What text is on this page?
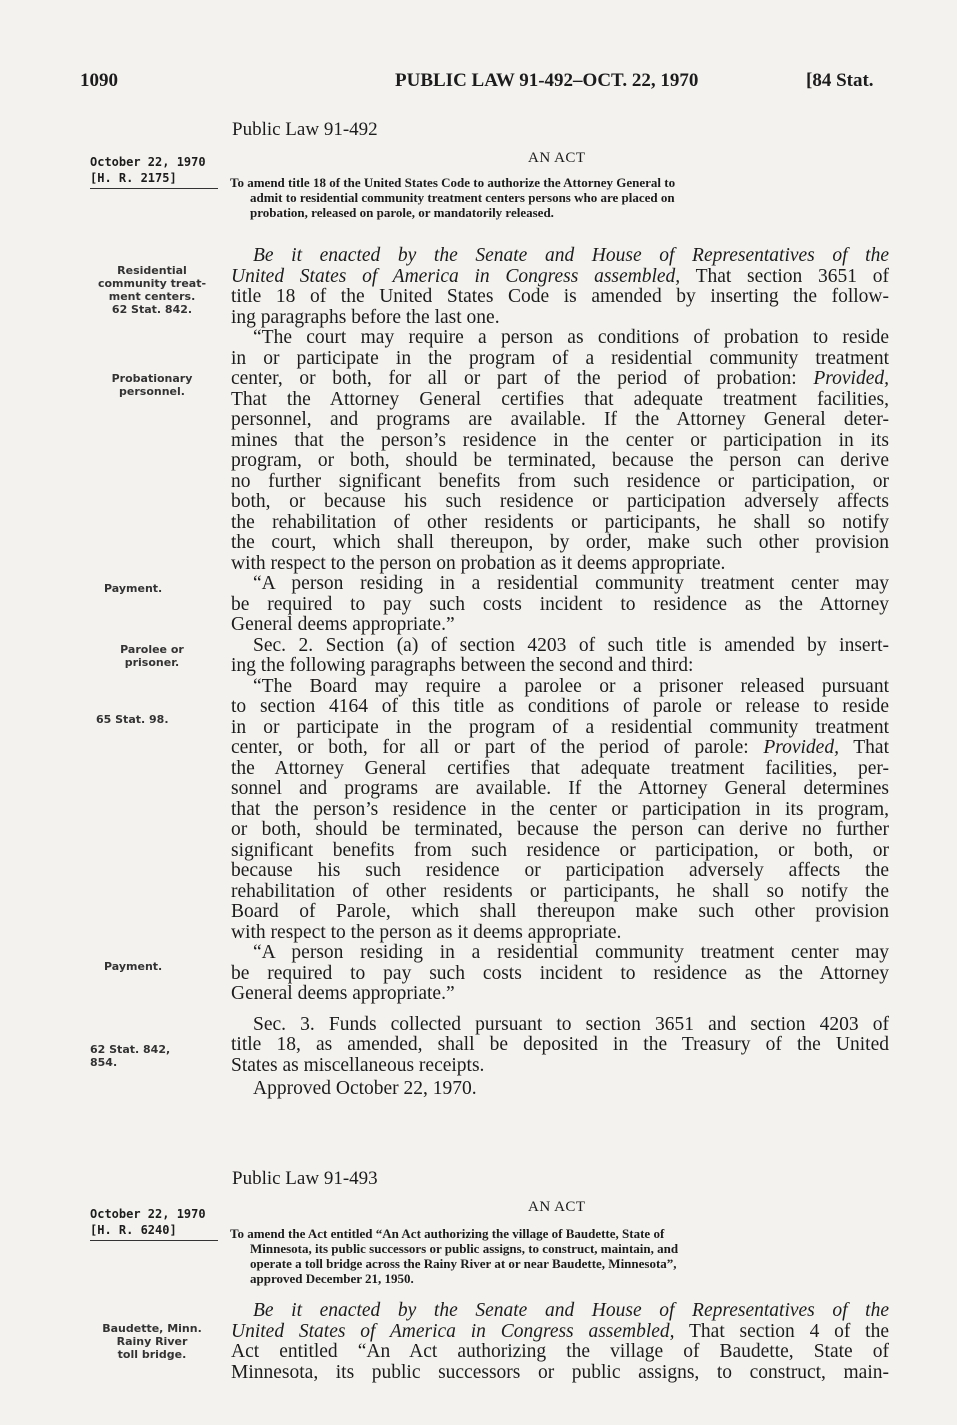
1090	PUBLIC LAW 91-492–OCT. 22, 1970	[84 Stat.
Public Law 91-492
AN ACT
October 22, 1970
[H. R. 2175]	To amend title 18 of the United States Code to authorize the Attorney General to
admit to residential community treatment centers persons who are placed on
probation, released on parole, or mandatorily released.
Be it enacted by the Senate and House of Representatives of the
United States of America in Congress assembled, That section 3651 of
title 18 of the United States Code is amended by inserting the follow-
ing paragraphs before the last one.
“The court may require a person as conditions of probation to reside
in or participate in the program of a residential community treatment
center, or both, for all or part of the period of probation: Provided,
That the Attorney General certifies that adequate treatment facilities,
personnel, and programs are available. If the Attorney General deter-
mines that the person’s residence in the center or participation in its
program, or both, should be terminated, because the person can derive
no further significant benefits from such residence or participation, or
both, or because his such residence or participation adversely affects
the rehabilitation of other residents or participants, he shall so notify
the court, which shall thereupon, by order, make such other provision
with respect to the person on probation as it deems appropriate.
“A person residing in a residential community treatment center may
be required to pay such costs incident to residence as the Attorney
General deems appropriate.”
Sec. 2. Section (a) of section 4203 of such title is amended by insert-
ing the following paragraphs between the second and third:
“The Board may require a parolee or a prisoner released pursuant
to section 4164 of this title as conditions of parole or release to reside
in or participate in the program of a residential community treatment
center, or both, for all or part of the period of parole: Provided, That
the Attorney General certifies that adequate treatment facilities, per-
sonnel and programs are available. If the Attorney General determines
that the person’s residence in the center or participation in its program,
or both, should be terminated, because the person can derive no further
significant benefits from such residence or participation, or both, or
because his such residence or participation adversely affects the
rehabilitation of other residents or participants, he shall so notify the
Board of Parole, which shall thereupon make such other provision
with respect to the person as it deems appropriate.
“A person residing in a residential community treatment center may
be required to pay such costs incident to residence as the Attorney
General deems appropriate.”
Sec. 3. Funds collected pursuant to section 3651 and section 4203 of
title 18, as amended, shall be deposited in the Treasury of the United
States as miscellaneous receipts.
Approved October 22, 1970.
Residential
community treat-
ment centers.
62 Stat. 842.
Probationary
personnel.
Payment.
Parolee or
prisoner.
65 Stat. 98.
Payment.
62 Stat. 842,
854.
Public Law 91-493
AN ACT
October 22, 1970
[H. R. 6240]	To amend the Act entitled “An Act authorizing the village of Baudette, State of
Minnesota, its public successors or public assigns, to construct, maintain, and
operate a toll bridge across the Rainy River at or near Baudette, Minnesota”,
approved December 21, 1950.
Be it enacted by the Senate and House of Representatives of the
United States of America in Congress assembled, That section 4 of the
Act entitled “An Act authorizing the village of Baudette, State of
Minnesota, its public successors or public assigns, to construct, main-
Baudette, Minn.
Rainy River
toll bridge.
